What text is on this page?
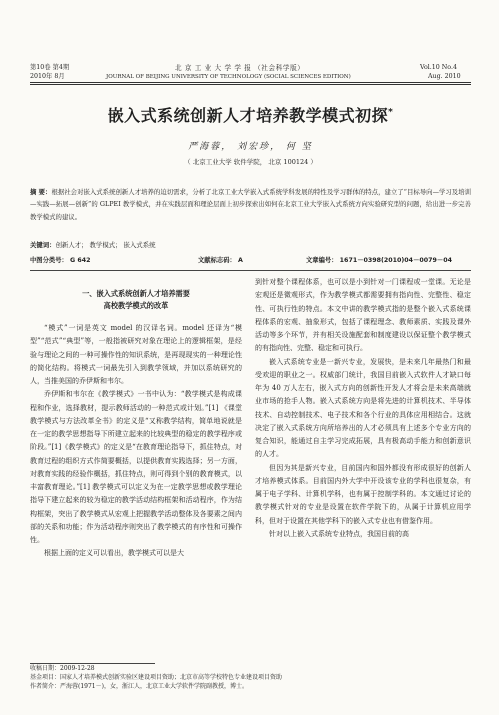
第10卷 第4期
2010年 8月
北 京 工 业 大 学 学 报 （社会科学版）
JOURNAL OF BEIJING UNIVERSITY OF TECHNOLOGY (SOCIAL SCIENCES EDITION)
Vol.10 No.4
Aug. 2010
嵌入式系统创新人才培养教学模式初探*
严海蓉， 刘宏珍， 何 坚
（ 北京工业大学 软件学院， 北京 100124 ）
摘 要：根据社会对嵌入式系统创新人才培养的迫切需求，分析了北京工业大学嵌入式系统学科发展的特性及学习群体的特点，建立了“目标导向—学习及培训—实践—拓展—创新”的 GLPEI 教学模式，并在实践层面和理论层面上初步探索出如何在北京工业大学嵌入式系统方向实验研究型的问题，给出进一步完善教学模式的建议。
关键词：创新人才； 教学模式； 嵌入式系统
中图分类号： G 642	文献标志码： A	文章编号： 1671－0398(2010)04－0079－04
一、嵌入式系统创新人才培养需要
高校教学模式的改革

“模式”一词是英文 model 的汉译名词。model 还译为“模型”“范式”“典型”等，一般指被研究对象在理论上的逻辑框架，是经验与理论之间的一种可操作性的知识系统，是再现现实的一种理论性的简化结构。将模式一词最先引入到教学领域，并加以系统研究的人，当推美国的乔伊斯和韦尔。

乔伊斯和韦尔在《教学模式》一书中认为：“教学模式是构成课程和作业，选择教材，提示教师活动的一种范式或计划。”[1] 《课堂教学模式与方法改革全书》的定义是“又称教学结构，简单地说就是在一定的教学思想指导下所建立起来的比较典型的稳定的教学程序或阶段。”[1]《教学模式》的定义是“在教育理论指导下，抓住特点，对教育过程的组织方式作简要概括，以提供教育实践选择；另一方面，对教育实践的经验作概括，抓住特点，则可得到个别的教育模式，以丰富教育理论。”[1] 教学模式可以定义为在一定教学思想或教学理论指导下建立起来的较为稳定的教学活动结构框架和活动程序，作为结构框架，突出了教学模式从宏观上把握教学活动整体及各要素之间内部的关系和功能；作为活动程序则突出了教学模式的有序性和可操作性。

根据上面的定义可以看出，教学模式可以是大

到针对整个课程体系，也可以是小到针对一门课程或一堂课。无论是宏观还是微观形式，作为教学模式都需要拥有指向性、完整性、稳定性、可执行性的特点。本文中讲的教学模式指的是整个嵌入式系统课程体系的宏观、抽象形式，包括了课程理念、教师素质、实践及课外活动等多个环节，并有相关设施配套和制度建设以保证整个教学模式的有指向性、完整、稳定和可执行。

嵌入式系统专业是一新兴专业，发展快，是未来几年最热门和最受欢迎的职业之一。权威部门统计，我国目前嵌入式软件人才缺口每年为 40 万人左右，嵌入式方向的创新性开发人才将会是未来高端就业市场的抢手人物。嵌入式系统方向是将先进的计算机技术、半导体技术、自动控制技术、电子技术和各个行业的具体应用相结合。这就决定了嵌入式系统方向所培养出的人才必须具有上述多个专业方向的复合知识，能通过自主学习完成拓展，具有极高动手能力和创新意识的人才。

但因为其是新兴专业，目前国内和国外都没有形成很好的创新人才培养模式体系。目前国内外大学中开设该专业的学科也很复杂，有属于电子学科、计算机学科，也有属于控制学科的。本文通过讨论的教学模式针对的专业是设置在软件学院下的，从属于计算机应用学科，但对于设置在其他学科下的嵌入式专业也有借鉴作用。

针对以上嵌入式系统专业特点，我国目前的高

收稿日期：2009-12-28
基金项目：国家人才培养模式创新实验区建设项目资助；北京市高等学校特色专业建设项目资助
作者简介：严海蓉(1971－)，女，浙江人，北京工业大学软件学院副教授，博士。
